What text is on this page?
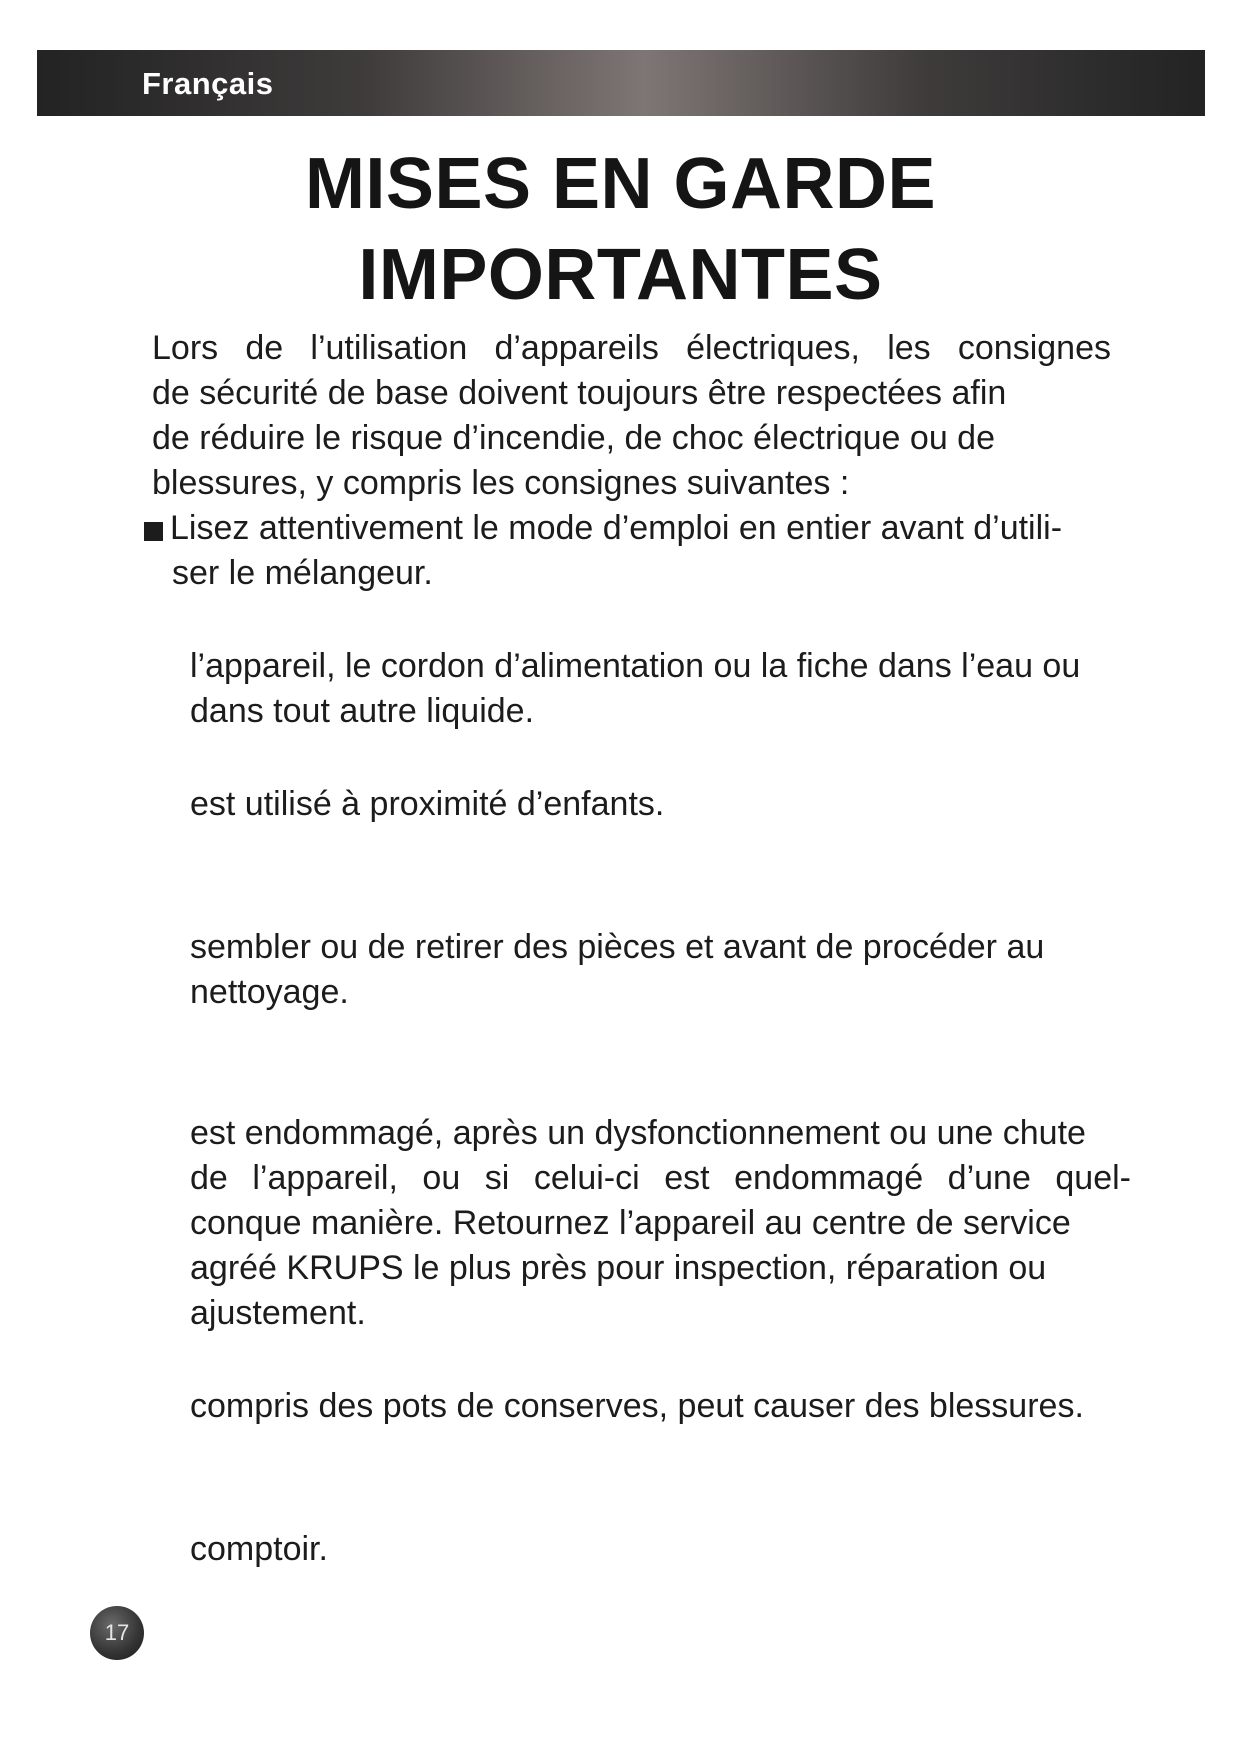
Français
MISES EN GARDE
IMPORTANTES
Lors de l’utilisation d’appareils électriques, les consignes
de sécurité de base doivent toujours être respectées afin
de réduire le risque d’incendie, de choc électrique ou de
blessures, y compris les consignes suivantes :
Lisez attentivement le mode d’emploi en entier avant d’utili-
ser le mélangeur.
l’appareil, le cordon d’alimentation ou la fiche dans l’eau ou
dans tout autre liquide.
est utilisé à proximité d’enfants.
sembler ou de retirer des pièces et avant de procéder au
nettoyage.
est endommagé, après un dysfonctionnement ou une chute
de l’appareil, ou si celui-ci est endommagé d’une quel-
conque manière. Retournez l’appareil au centre de service
agréé KRUPS le plus près pour inspection, réparation ou
ajustement.
compris des pots de conserves, peut causer des blessures.
comptoir.
17
